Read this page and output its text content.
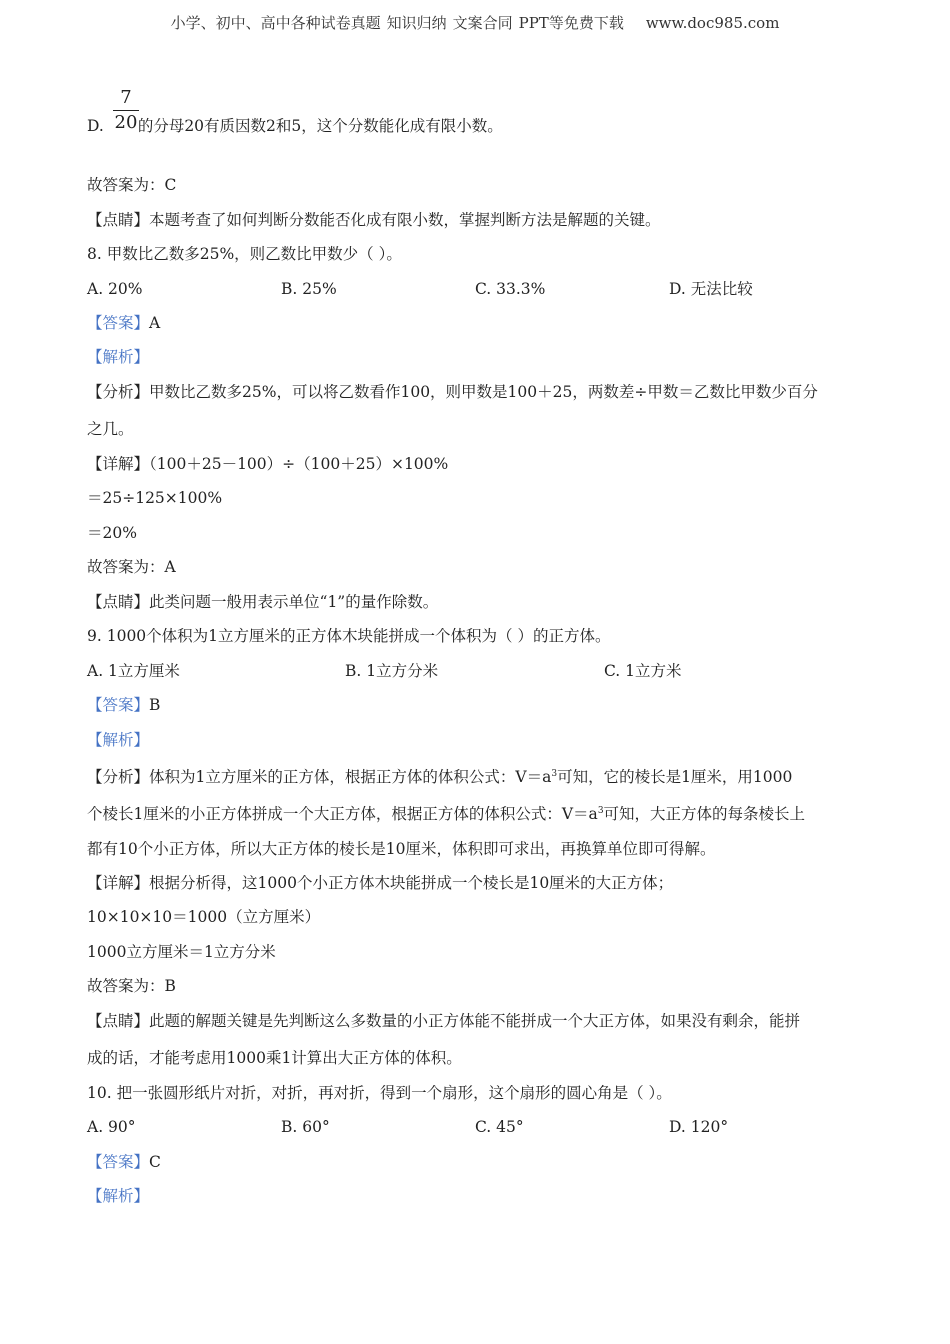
小学、初中、高中各种试卷真题 知识归纳 文案合同 PPT等免费下载 www.doc985.com
7
20
D. 的分母20有质因数2和5，这个分数能化成有限小数。
故答案为：C
【点睛】本题考查了如何判断分数能否化成有限小数，掌握判断方法是解题的关键。
8. 甲数比乙数多25%，则乙数比甲数少（ ）。
A. 20%	B. 25%	C. 33.3%	D. 无法比较
【答案】A
【解析】
【分析】甲数比乙数多25%，可以将乙数看作100，则甲数是100＋25，两数差÷甲数＝乙数比甲数少百分
之几。
【详解】（100＋25－100）÷（100＋25）×100%
＝25÷125×100%
＝20%
故答案为：A
【点睛】此类问题一般用表示单位“1”的量作除数。
9. 1000个体积为1立方厘米的正方体木块能拼成一个体积为（ ）的正方体。
A. 1立方厘米	B. 1立方分米	C. 1立方米
【答案】B
【解析】
【分析】体积为1立方厘米的正方体，根据正方体的体积公式：$V=a^3$可知，它的棱长是1厘米，用1000
个棱长1厘米的小正方体拼成一个大正方体，根据正方体的体积公式：$V=a^3$可知，大正方体的每条棱长上
都有10个小正方体，所以大正方体的棱长是10厘米，体积即可求出，再换算单位即可得解。
【详解】根据分析得，这1000个小正方体木块能拼成一个棱长是10厘米的大正方体；
10×10×10＝1000（立方厘米）
1000立方厘米＝1立方分米
故答案为：B
【点睛】此题的解题关键是先判断这么多数量的小正方体能不能拼成一个大正方体，如果没有剩余，能拼
成的话，才能考虑用1000乘1计算出大正方体的体积。
10. 把一张圆形纸片对折，对折，再对折，得到一个扇形，这个扇形的圆心角是（ ）。
A. 90°	B. 60°	C. 45°	D. 120°
【答案】C
【解析】
